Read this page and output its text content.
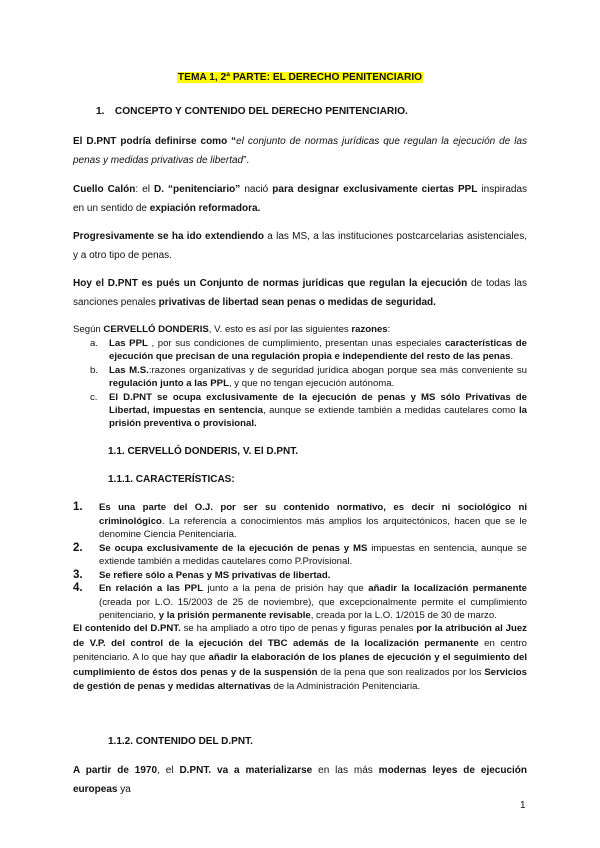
TEMA 1, 2ª PARTE: EL DERECHO PENITENCIARIO
1. CONCEPTO Y CONTENIDO DEL DERECHO PENITENCIARIO.
El D.PNT podría definirse como “el conjunto de normas jurídicas que regulan la ejecución de las penas y medidas privativas de libertad”.
Cuello Calón: el D. “penitenciario” nació para designar exclusivamente ciertas PPL inspiradas en un sentido de expiación reformadora.
Progresivamente se ha ido extendiendo a las MS, a las instituciones postcarcelarias asistenciales, y a otro tipo de penas.
Hoy el D.PNT es pués un Conjunto de normas jurídicas que regulan la ejecución de todas las sanciones penales privativas de libertad sean penas o medidas de seguridad.
Según CERVELLÓ DONDERIS, V. esto es así por las siguientes razones:
a. Las PPL , por sus condiciones de cumplimiento, presentan unas especiales características de ejecución que precisan de una regulación propia e independiente del resto de las penas.
b. Las M.S.:razones organizativas y de seguridad jurídica abogan porque sea más conveniente su regulación junto a las PPL, y que no tengan ejecución autónoma.
c. El D.PNT se ocupa exclusivamente de la ejecución de penas y MS sólo Privativas de Libertad, impuestas en sentencia, aunque se extiende también a medidas cautelares como la prisión preventiva o provisional.
1.1. CERVELLÓ DONDERIS, V. El D.PNT.
1.1.1. CARACTERÍSTICAS:
1. Es una parte del O.J. por ser su contenido normativo, es decir ni sociológico ni criminológico. La referencia a conocimientos más amplios los arquitectónicos, hacen que se le denomine Ciencia Penitenciaria.
2. Se ocupa exclusivamente de la ejecución de penas y MS impuestas en sentencia, aunque se extiende también a medidas cautelares como P.Provisional.
3. Se refiere sólo a Penas y MS privativas de libertad.
4. En relación a las PPL junto a la pena de prisión hay que añadir la localización permanente (creada por L.O. 15/2003 de 25 de noviembre), que excepcionalmente permite el cumplimiento penitenciario, y la prisión permanente revisable, creada por la L.O. 1/2015 de 30 de marzo.
El contenido del D.PNT. se ha ampliado a otro tipo de penas y figuras penales por la atribución al Juez de V.P. del control de la ejecución del TBC además de la localización permanente en centro penitenciario. A lo que hay que añadir la elaboración de los planes de ejecución y el seguimiento del cumplimiento de éstos dos penas y de la suspensión de la pena que son realizados por los Servicios de gestión de penas y medidas alternativas de la Administración Penitenciaria.
1.1.2. CONTENIDO DEL D.PNT.
A partir de 1970, el D.PNT. va a materializarse en las más modernas leyes de ejecución europeas ya
1
